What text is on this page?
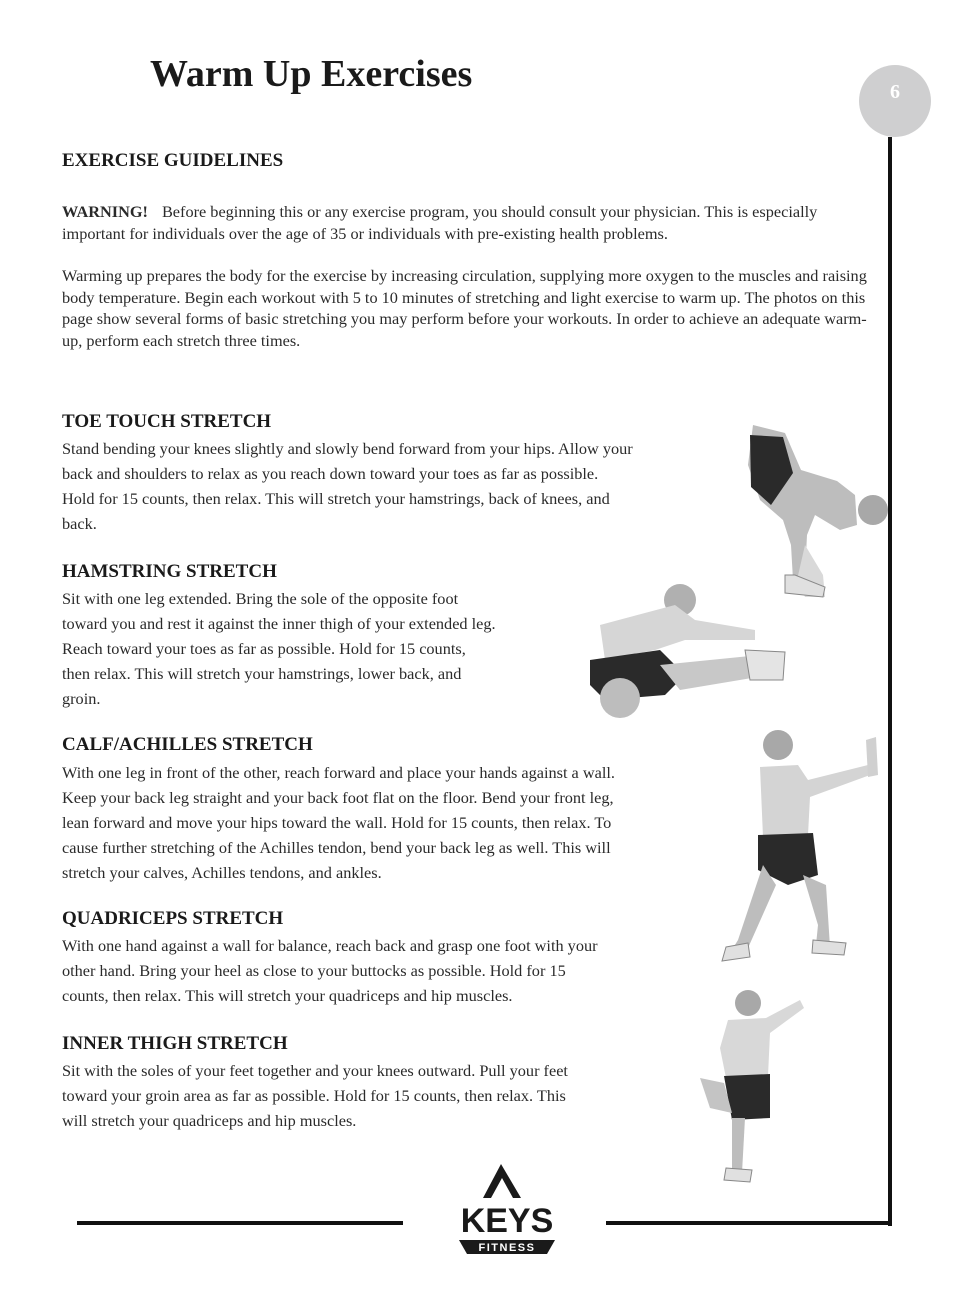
Warm Up Exercises	6
EXERCISE GUIDELINES

WARNING! Before beginning this or any exercise program, you should consult your physician. This is especially important for individuals over the age of 35 or individuals with pre-existing health problems.

Warming up prepares the body for the exercise by increasing circulation, supplying more oxygen to the muscles and raising body temperature. Begin each workout with 5 to 10 minutes of stretching and light exercise to warm up. The photos on this page show several forms of basic stretching you may perform before your workouts. In order to achieve an adequate warm-up, perform each stretch three times.

TOE TOUCH STRETCH
Stand bending your knees slightly and slowly bend forward from your hips. Allow your
back and shoulders to relax as you reach down toward your toes as far as possible.
Hold for 15 counts, then relax. This will stretch your hamstrings, back of knees, and
back.
HAMSTRING STRETCH
Sit with one leg extended. Bring the sole of the opposite foot
toward you and rest it against the inner thigh of your extended leg.
Reach toward your toes as far as possible. Hold for 15 counts,
then relax. This will stretch your hamstrings, lower back, and
groin.
CALF/ACHILLES STRETCH
With one leg in front of the other, reach forward and place your hands against a wall.
Keep your back leg straight and your back foot flat on the floor. Bend your front leg,
lean forward and move your hips toward the wall. Hold for 15 counts, then relax. To
cause further stretching of the Achilles tendon, bend your back leg as well. This will
stretch your calves, Achilles tendons, and ankles.
QUADRICEPS STRETCH
With one hand against a wall for balance, reach back and grasp one foot with your
other hand. Bring your heel as close to your buttocks as possible. Hold for 15
counts, then relax. This will stretch your quadriceps and hip muscles.
INNER THIGH STRETCH
Sit with the soles of your feet together and your knees outward. Pull your feet
toward your groin area as far as possible. Hold for 15 counts, then relax. This
will stretch your quadriceps and hip muscles.
KEYS
FITNESS
